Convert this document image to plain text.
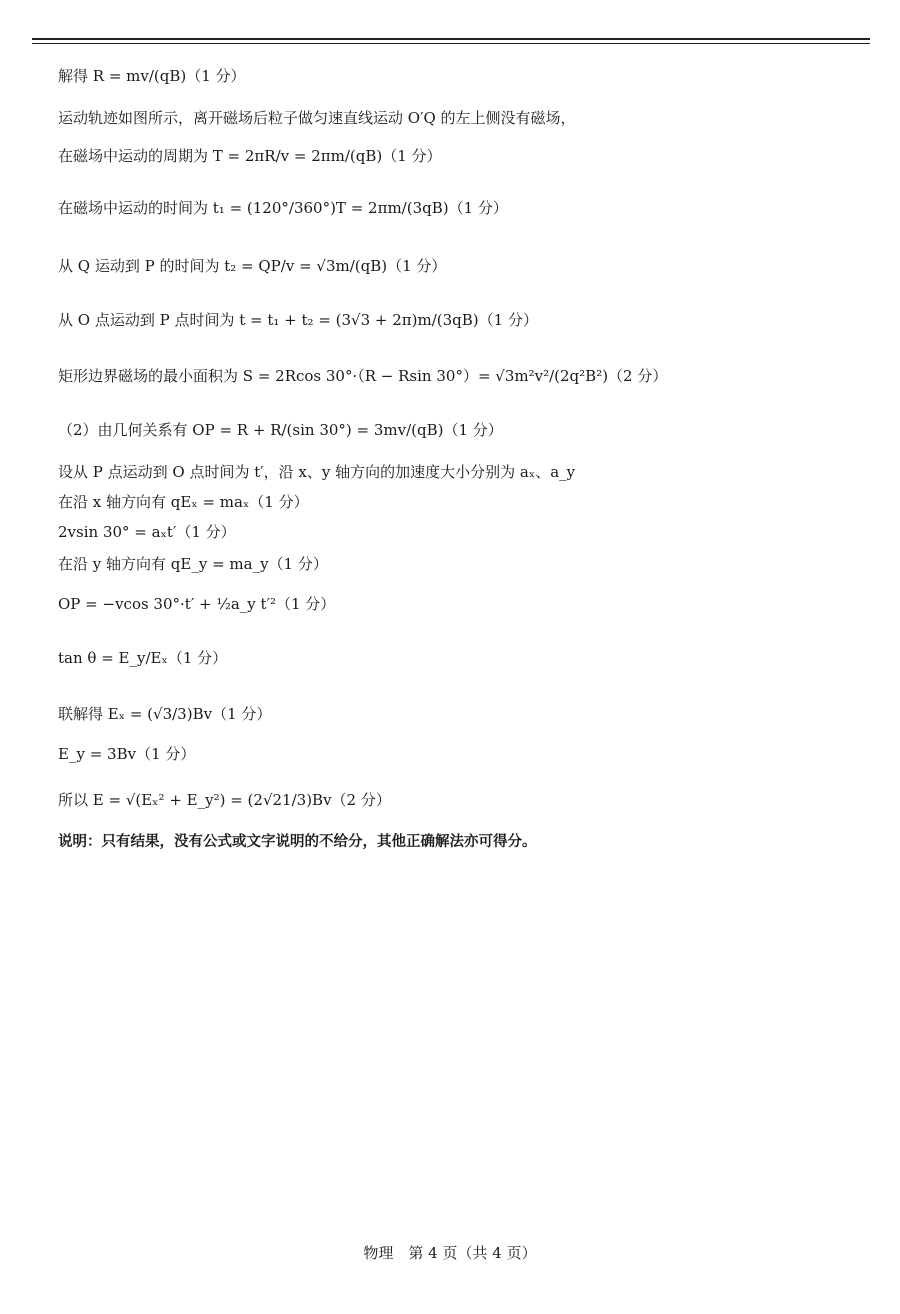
解得 R = mv/(qB)（1 分）
运动轨迹如图所示，离开磁场后粒子做匀速直线运动 O′Q 的左上侧没有磁场，
在磁场中运动的周期为 T = 2πR/v = 2πm/(qB)（1 分）
在磁场中运动的时间为 t₁ = (120°/360°)T = 2πm/(3qB)（1 分）
从 Q 运动到 P 的时间为 t₂ = QP/v = √3m/(qB)（1 分）
从 O 点运动到 P 点时间为 t = t₁ + t₂ = (3√3 + 2π)m/(3qB)（1 分）
矩形边界磁场的最小面积为 S = 2Rcos 30°·（R − Rsin 30°）= √3m²v²/(2q²B²)（2 分）
（2）由几何关系有 OP = R + R/(sin 30°) = 3mv/(qB)（1 分）
设从 P 点运动到 O 点时间为 t′，沿 x、y 轴方向的加速度大小分别为 aₓ、a_y
在沿 x 轴方向有 qEₓ = maₓ（1 分）
2vsin 30° = aₓt′（1 分）
在沿 y 轴方向有 qE_y = ma_y（1 分）
OP = −vcos 30°·t′ + ½a_y t′²（1 分）
tan θ = E_y/Eₓ（1 分）
联解得 Eₓ = (√3/3)Bv（1 分）
E_y = 3Bv（1 分）
所以 E = √(Eₓ² + E_y²) = (2√21/3)Bv（2 分）
说明：只有结果，没有公式或文字说明的不给分，其他正确解法亦可得分。
物理　第 4 页（共 4 页）
